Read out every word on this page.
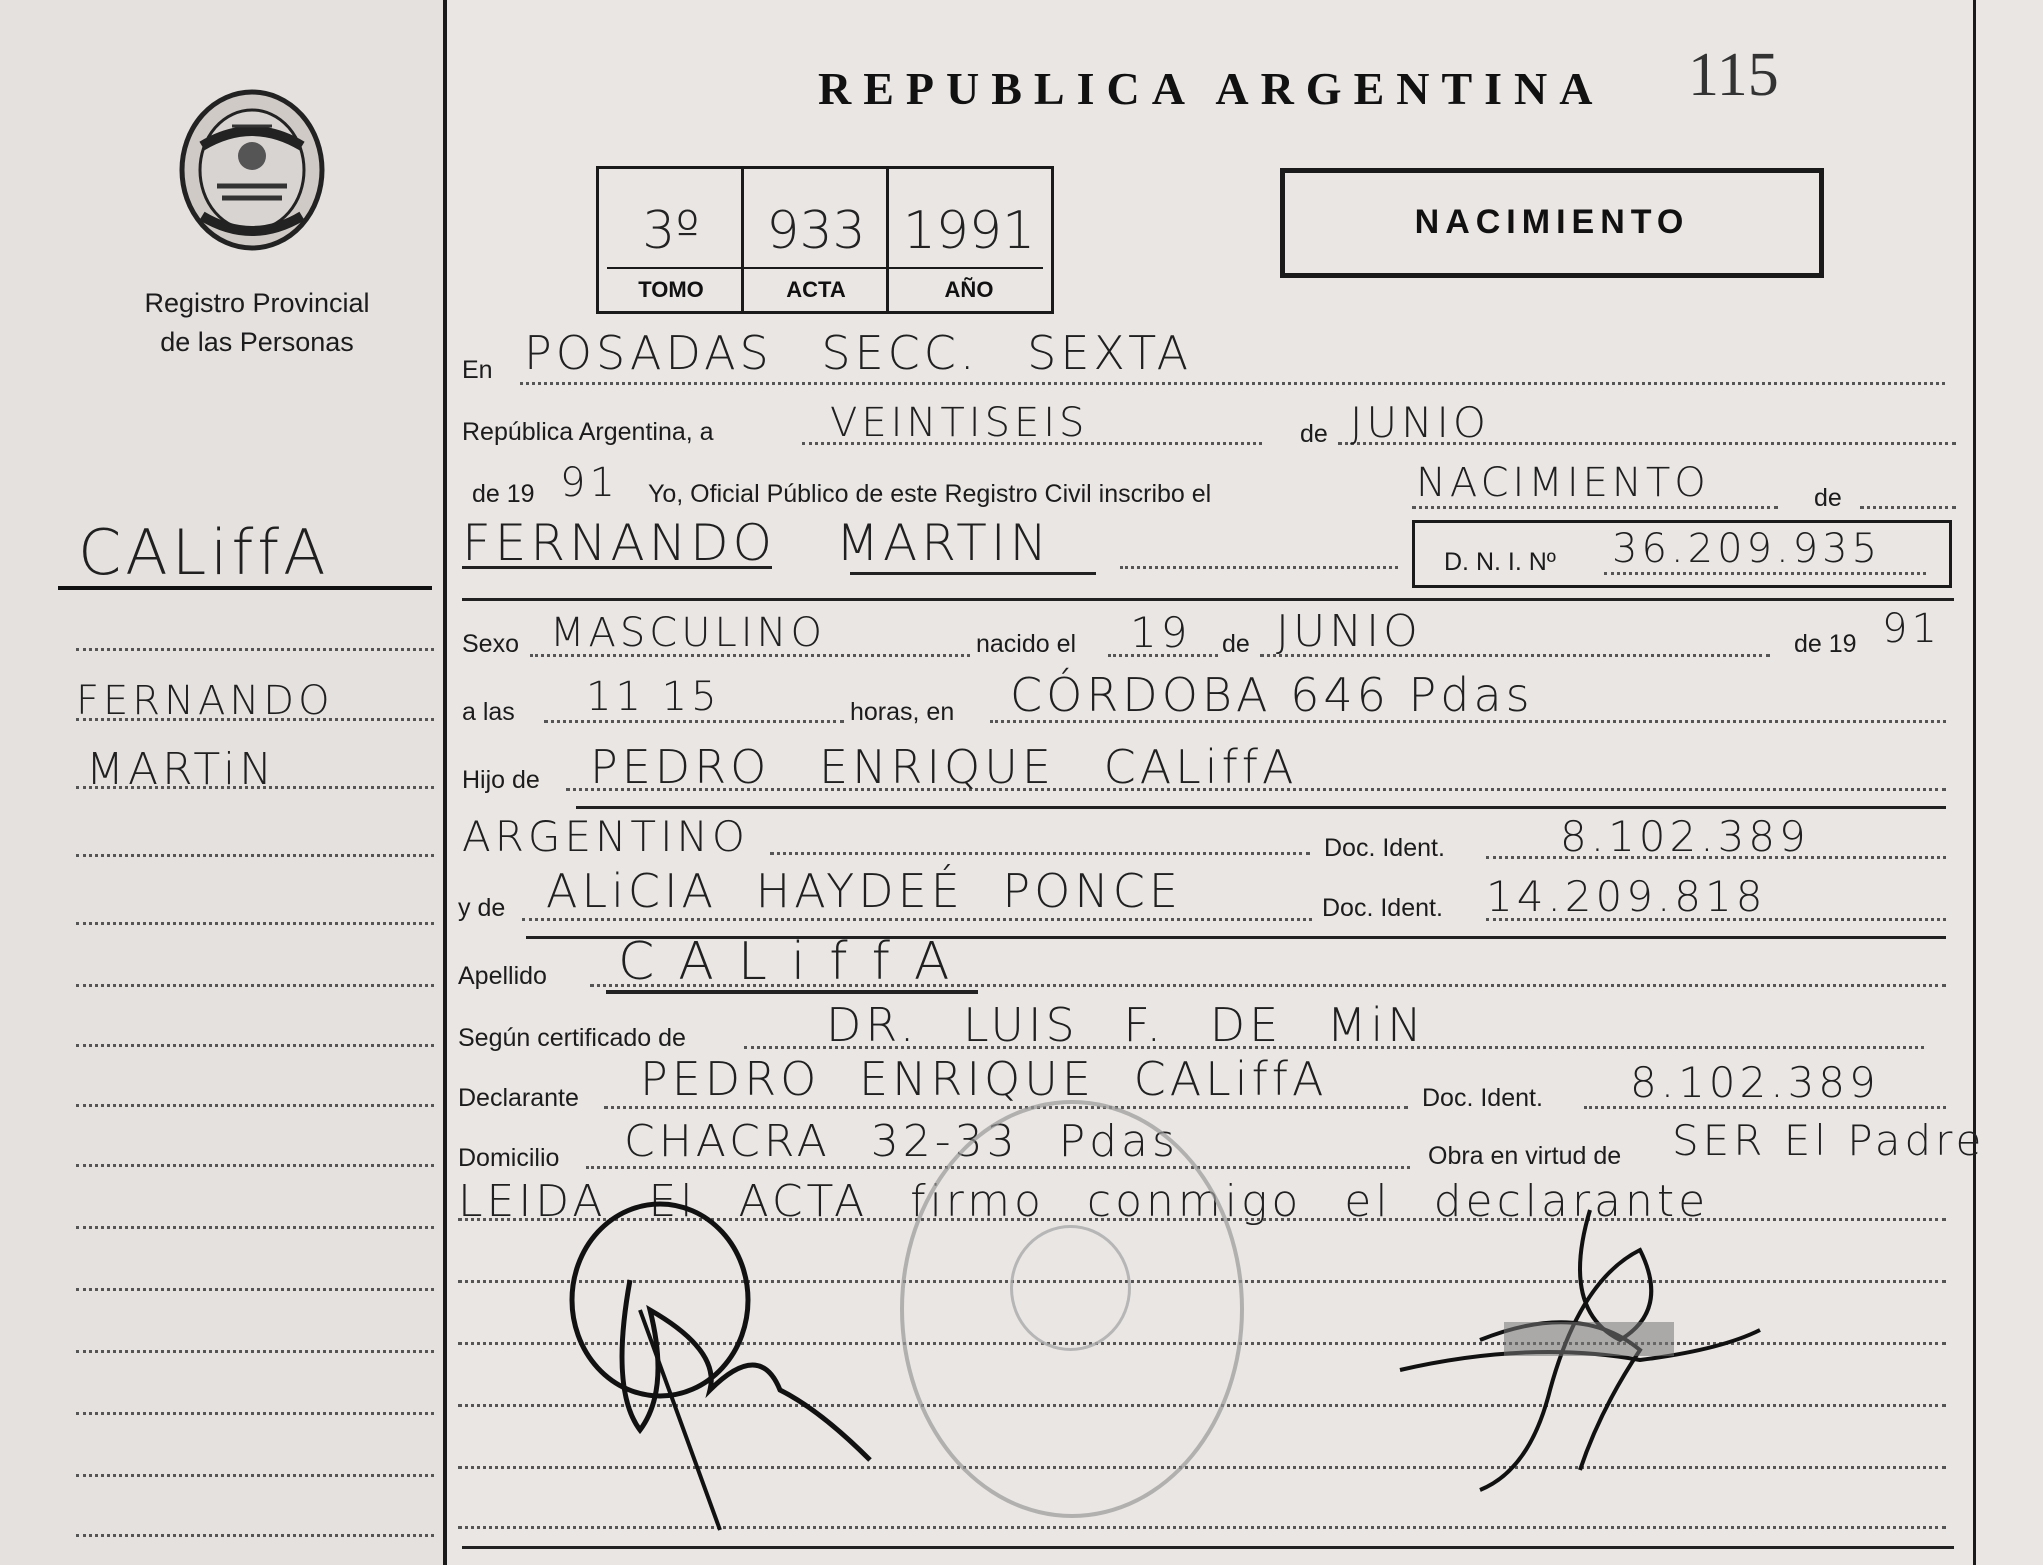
Registro Provincial
de las Personas
CALiffA
FERNANDO
MARTiN
REPUBLICA ARGENTINA 115
3º	933 1991
TOMO	ACTA	AÑO
NACIMIENTO
En POSADAS SECC. SEXTA
República Argentina, a	VEINTISEIS	de JUNIO
de 19 91 Yo, Oficial Público de este Registro Civil inscribo el	NACIMIENTO	de
FERNANDO MARTIN	D. N. I. Nº 36.209.935
Sexo MASCULINO	nacido el 19 de JUNIO	de 19 91
a las 11 15	horas, en CÓRDOBA 646 Pdas
Hijo de PEDRO ENRIQUE CALiffA
ARGENTINO	Doc. Ident.	8.102.389
y de ALiCIA HAYDEÉ PONCE	Doc. Ident. 14.209.818
Apellido CALiffA
Según certificado de	DR. LUIS F. DE MiN
Declarante PEDRO ENRIQUE CALiffA	Doc. Ident. 8.102.389
Domicilio CHACRA 32-33 Pdas	Obra en virtud de SER El Padre
LEIDA El ACTA firmo conmigo el declarante
